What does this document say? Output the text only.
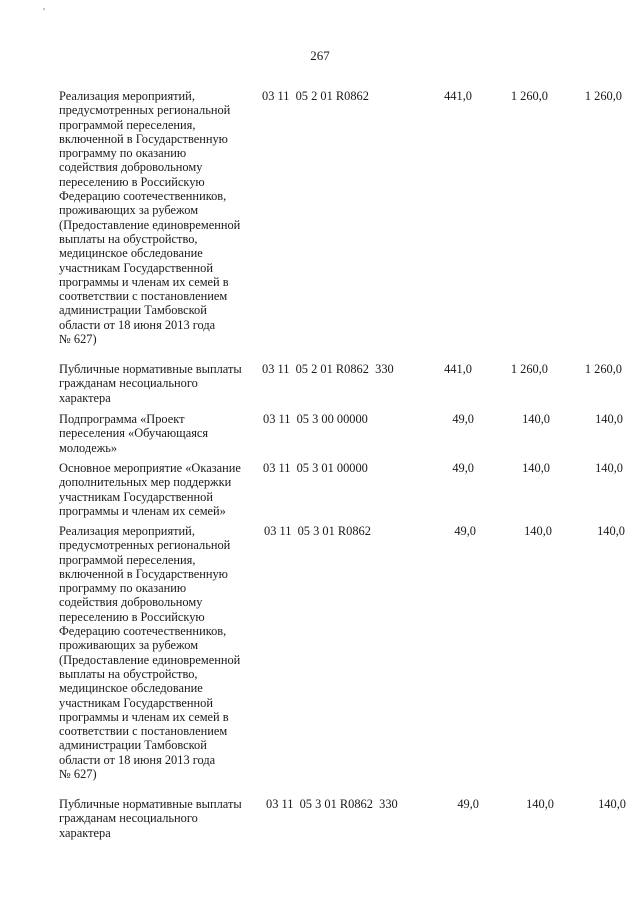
267
Реализация мероприятий,
предусмотренных региональной
программой переселения,
включенной в Государственную
программу по оказанию
содействия добровольному
переселению в Российскую
Федерацию соотечественников,
проживающих за рубежом
(Предоставление единовременной
выплаты на обустройство,
медицинское обследование
участникам Государственной
программы и членам их семей в
соответствии с постановлением
администрации Тамбовской
области от 18 июня 2013 года
№ 627)
03 11  05 2 01 R0862	441,0	1 260,0	1 260,0
Публичные нормативные выплаты
гражданам несоциального
характера
03 11  05 2 01 R0862  330	441,0	1 260,0	1 260,0
Подпрограмма «Проект
переселения «Обучающаяся
молодежь»
03 11  05 3 00 00000	49,0	140,0	140,0
Основное мероприятие «Оказание
дополнительных мер поддержки
участникам Государственной
программы и членам их семей»
03 11  05 3 01 00000	49,0	140,0	140,0
Реализация мероприятий,
предусмотренных региональной
программой переселения,
включенной в Государственную
программу по оказанию
содействия добровольному
переселению в Российскую
Федерацию соотечественников,
проживающих за рубежом
(Предоставление единовременной
выплаты на обустройство,
медицинское обследование
участникам Государственной
программы и членам их семей в
соответствии с постановлением
администрации Тамбовской
области от 18 июня 2013 года
№ 627)
03 11  05 3 01 R0862	49,0	140,0	140,0
Публичные нормативные выплаты
гражданам несоциального
характера
03 11  05 3 01 R0862  330	49,0	140,0	140,0
